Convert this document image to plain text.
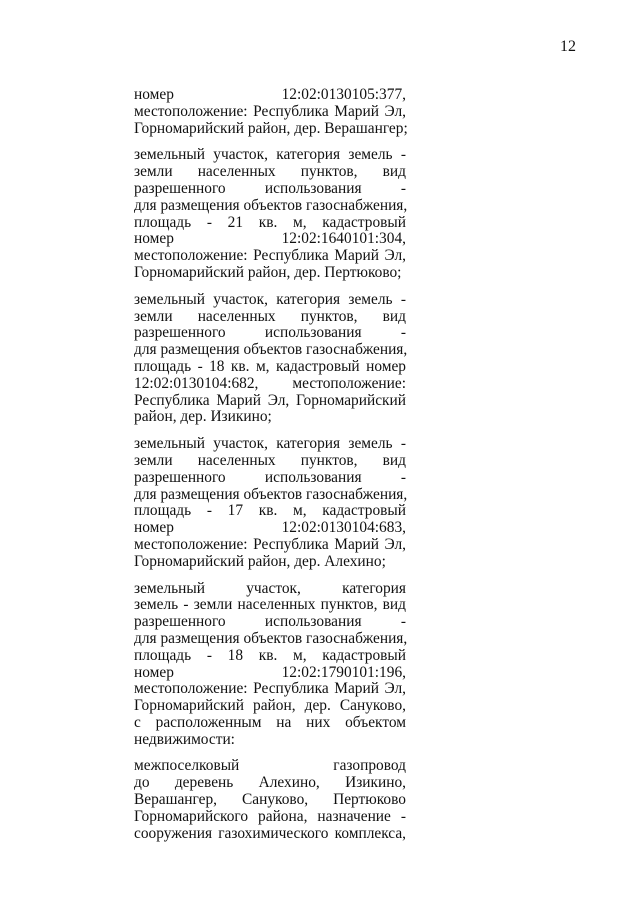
12
номер 12:02:0130105:377,
местоположение: Республика Марий Эл,
Горномарийский район, дер. Верашангер;
земельный участок, категория земель -
земли населенных пунктов, вид
разрешенного использования -
для размещения объектов газоснабжения,
площадь - 21 кв. м, кадастровый
номер 12:02:1640101:304,
местоположение: Республика Марий Эл,
Горномарийский район, дер. Пертюково;
земельный участок, категория земель -
земли населенных пунктов, вид
разрешенного использования -
для размещения объектов газоснабжения,
площадь - 18 кв. м, кадастровый номер
12:02:0130104:682, местоположение:
Республика Марий Эл, Горномарийский
район, дер. Изикино;
земельный участок, категория земель -
земли населенных пунктов, вид
разрешенного использования -
для размещения объектов газоснабжения,
площадь - 17 кв. м, кадастровый
номер 12:02:0130104:683,
местоположение: Республика Марий Эл,
Горномарийский район, дер. Алехино;
земельный участок, категория
земель - земли населенных пунктов, вид
разрешенного использования -
для размещения объектов газоснабжения,
площадь - 18 кв. м, кадастровый
номер 12:02:1790101:196,
местоположение: Республика Марий Эл,
Горномарийский район, дер. Сануково,
с расположенным на них объектом
недвижимости:
межпоселковый газопровод
до деревень Алехино, Изикино,
Верашангер, Сануково, Пертюково
Горномарийского района, назначение -
сооружения газохимического комплекса,
